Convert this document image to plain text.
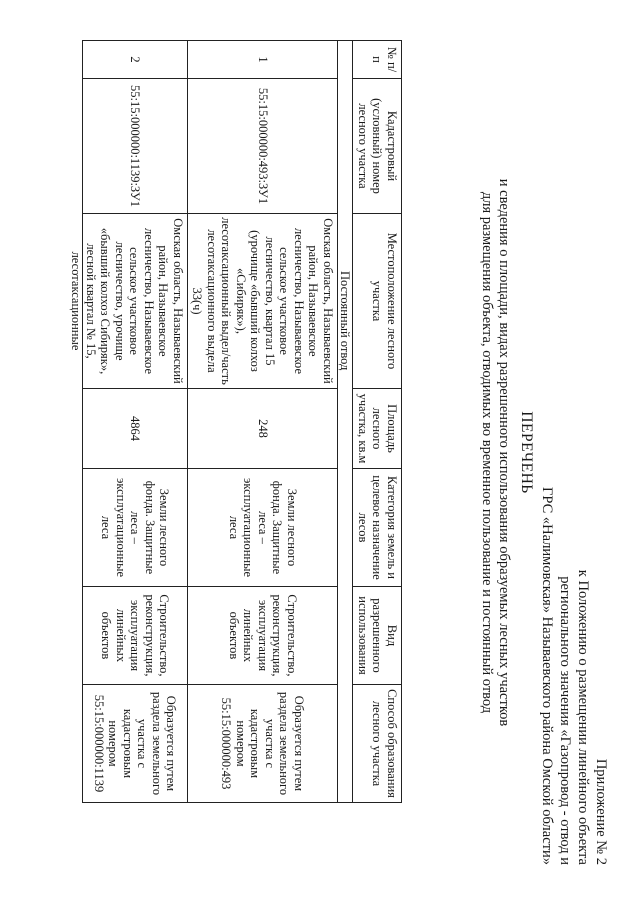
Приложение № 2
к Положению о размещении линейного объекта
регионального значения «Газопровод - отвод и
ГРС «Налимовская» Называевского района Омской области»
ПЕРЕЧЕНЬ
и сведения о площади, видах разрешенного использования образуемых лесных участков
для размещения объекта, отводимых во временное пользование и постоянный отвод
№ п/п	Кадастровый (условный) номер лесного участка	Местоположение лесного участка	Площадь лесного участка, кв.м	Категория земель и целевое назначение лесов	Вид разрешенного использования	Способ образования лесного участка
Постоянный отвод						
1	55:15:000000:493:ЗУ1	Омская область, Называевский район, Называевское лесничество, Называевское сельское участковое лесничество, квартал 15 (урочище «бывший колхоз «Сибиряк»), лесотаксационный выдел/часть лесотаксационного выдела 33(ч)	248	Земли лесного фонда. Защитные леса – эксплуатационные леса	Строительство, реконструкция, эксплуатация линейных объектов	Образуется путем раздела земельного участка с кадастровым номером 55:15:000000:493
2	55:15:000000:1139:ЗУ1	Омская область, Называевский район, Называевское лесничество, Называевское сельское участковое лесничество, урочище «бывший колхоз Сибиряк», лесной квартал № 15, лесотаксационные	4864	Земли лесного фонда. Защитные леса – эксплуатационные леса	Строительство, реконструкция, эксплуатация линейных объектов	Образуется путем раздела земельного участка с кадастровым номером 55:15:000000:1139
